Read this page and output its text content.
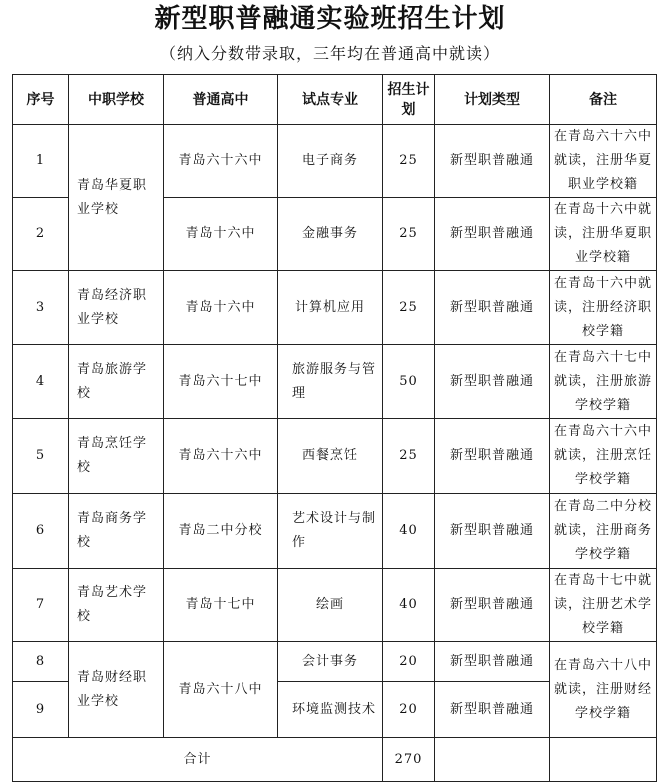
新型职普融通实验班招生计划
（纳入分数带录取，三年均在普通高中就读）
序号	中职学校	普通高中	试点专业	招生计划	计划类型	备注
1	青岛华夏职业学校	青岛六十六中	电子商务	25	新型职普融通	在青岛六十六中就读，注册华夏职业学校籍
2		青岛十六中	金融事务	25	新型职普融通	在青岛十六中就读，注册华夏职业学校籍
3	青岛经济职业学校	青岛十六中	计算机应用	25	新型职普融通	在青岛十六中就读，注册经济职校学籍
4	青岛旅游学校	青岛六十七中	旅游服务与管理	50	新型职普融通	在青岛六十七中就读，注册旅游学校学籍
5	青岛烹饪学校	青岛六十六中	西餐烹饪	25	新型职普融通	在青岛六十六中就读，注册烹饪学校学籍
6	青岛商务学校	青岛二中分校	艺术设计与制作	40	新型职普融通	在青岛二中分校就读，注册商务学校学籍
7	青岛艺术学校	青岛十七中	绘画	40	新型职普融通	在青岛十七中就读，注册艺术学校学籍
8	青岛财经职业学校	青岛六十八中	会计事务	20	新型职普融通	在青岛六十八中就读，注册财经学校学籍
9			环境监测技术	20	新型职普融通	
合计				270		
